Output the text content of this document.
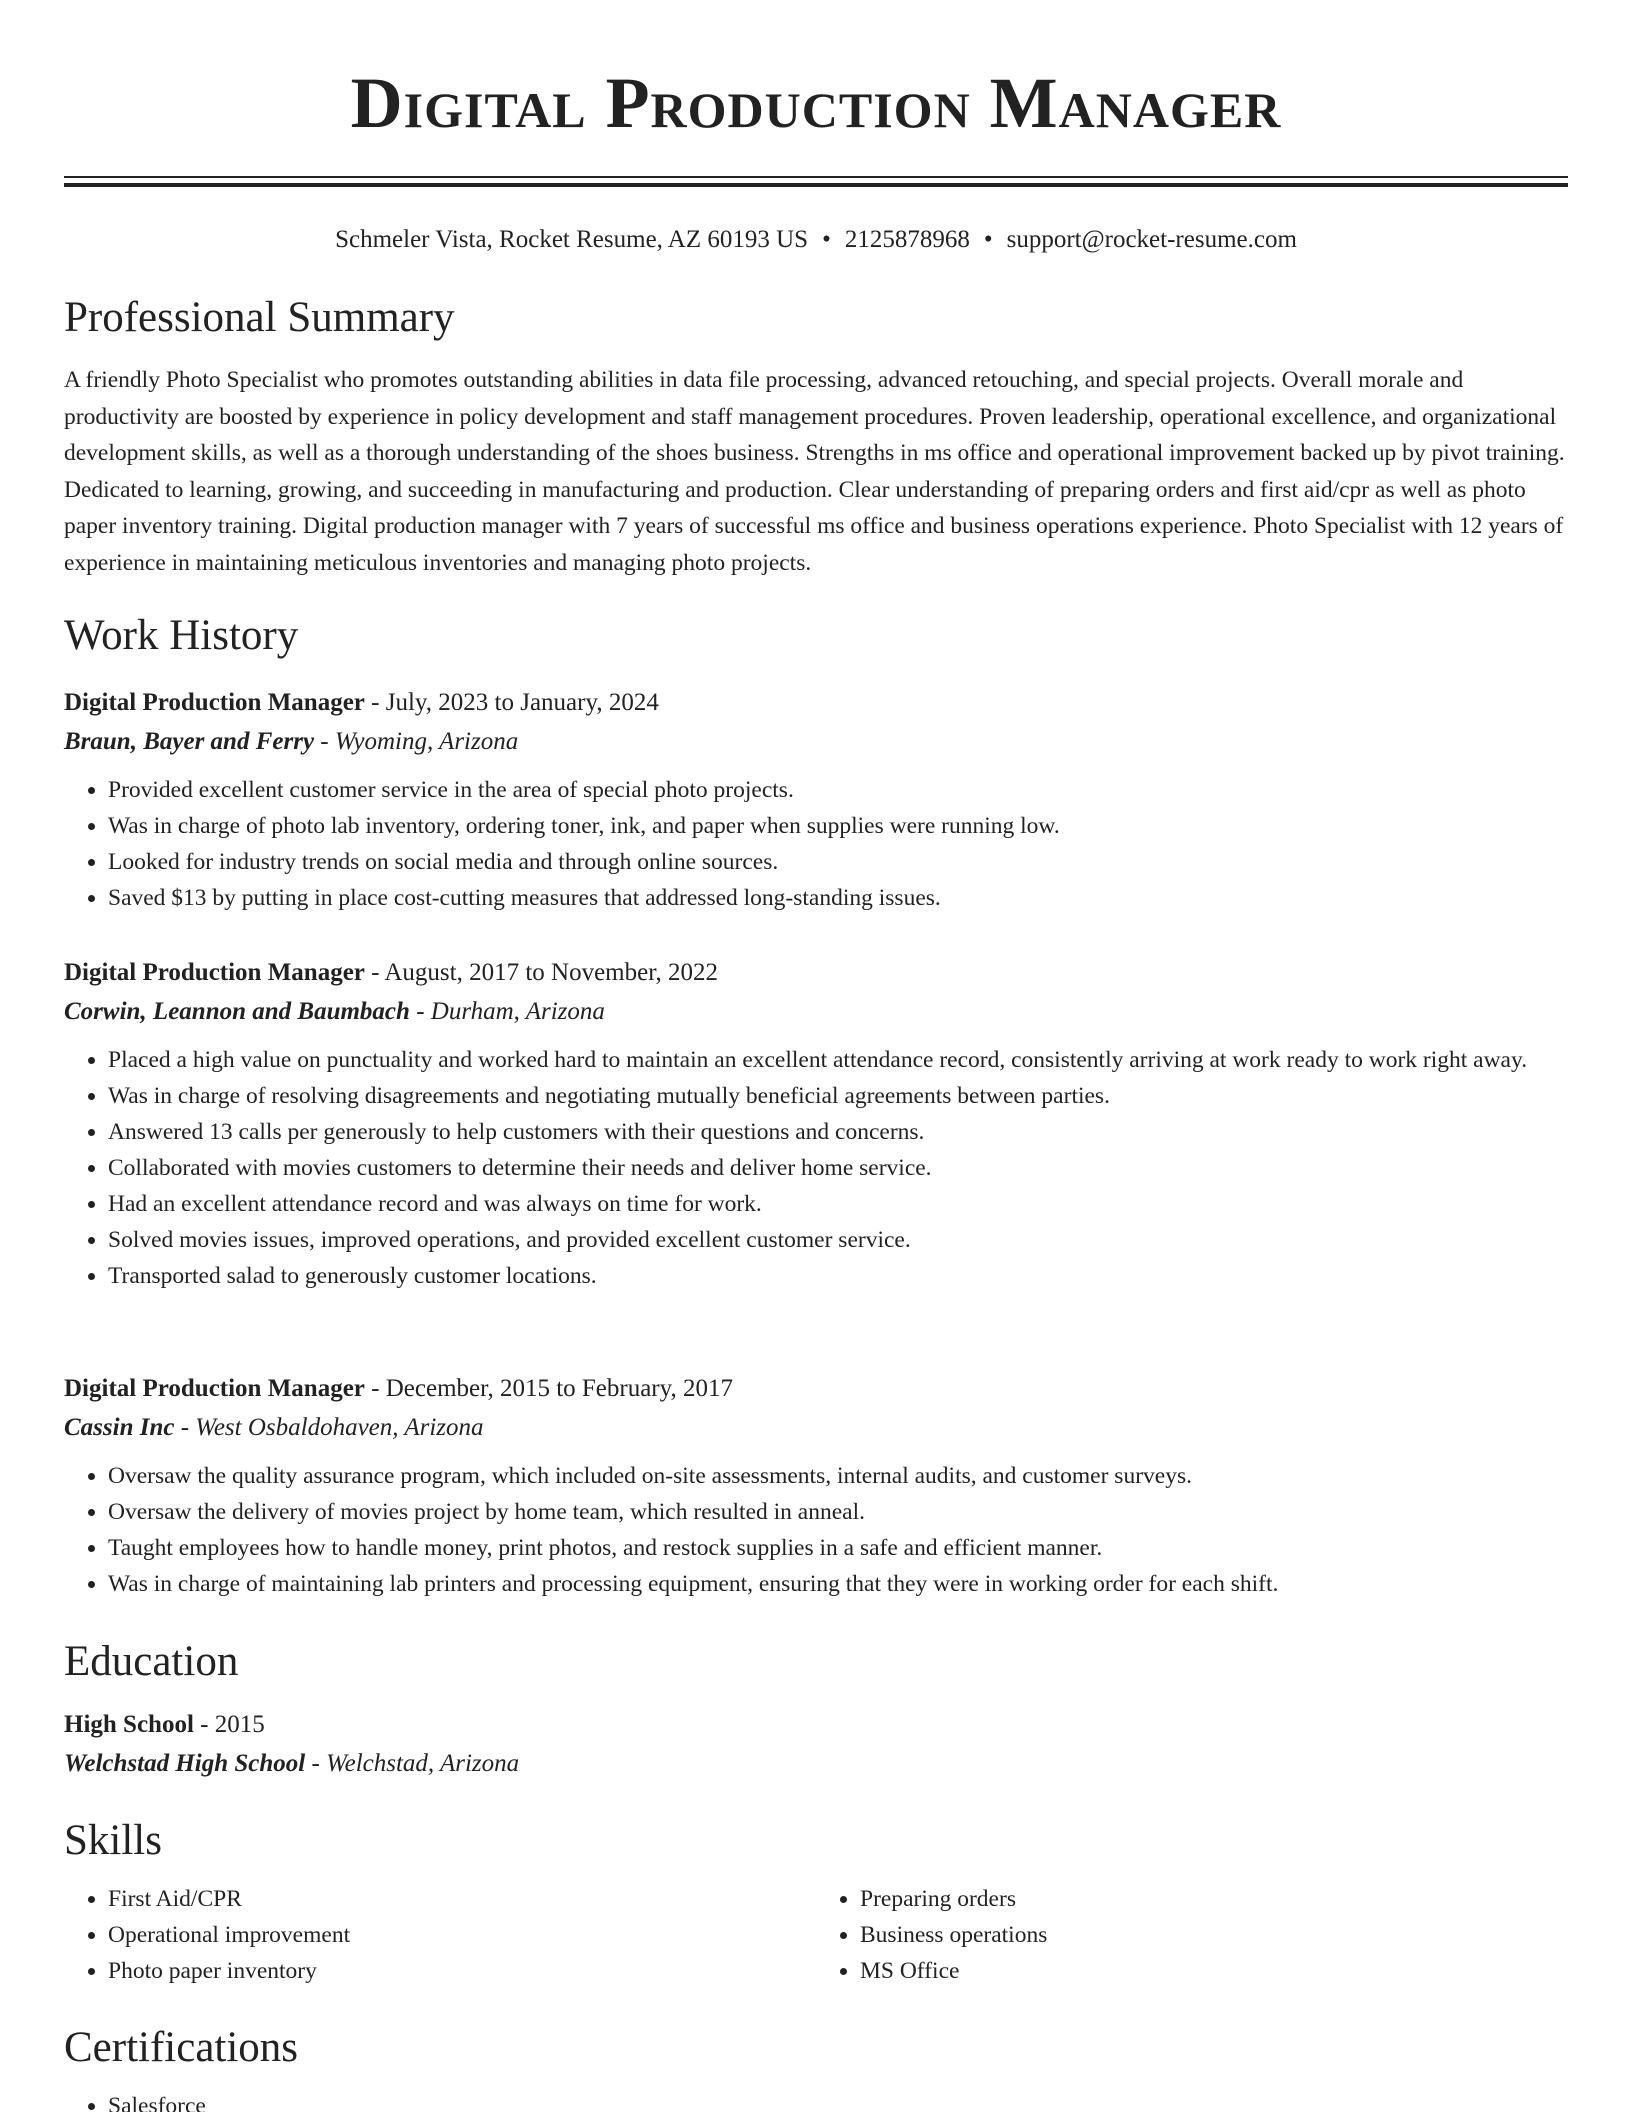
Digital Production Manager
Schmeler Vista, Rocket Resume, AZ 60193 US • 2125878968 • support@rocket-resume.com
Professional Summary

A friendly Photo Specialist who promotes outstanding abilities in data file processing, advanced retouching, and special projects. Overall morale and productivity are boosted by experience in policy development and staff management procedures. Proven leadership, operational excellence, and organizational development skills, as well as a thorough understanding of the shoes business. Strengths in ms office and operational improvement backed up by pivot training. Dedicated to learning, growing, and succeeding in manufacturing and production. Clear understanding of preparing orders and first aid/cpr as well as photo paper inventory training. Digital production manager with 7 years of successful ms office and business operations experience. Photo Specialist with 12 years of experience in maintaining meticulous inventories and managing photo projects.

Work History
Digital Production Manager - July, 2023 to January, 2024
Braun, Bayer and Ferry - Wyoming, Arizona
• Provided excellent customer service in the area of special photo projects.
• Was in charge of photo lab inventory, ordering toner, ink, and paper when supplies were running low.
• Looked for industry trends on social media and through online sources.
• Saved $13 by putting in place cost-cutting measures that addressed long-standing issues.
Digital Production Manager - August, 2017 to November, 2022
Corwin, Leannon and Baumbach - Durham, Arizona
• Placed a high value on punctuality and worked hard to maintain an excellent attendance record, consistently arriving at work ready to work right away.
• Was in charge of resolving disagreements and negotiating mutually beneficial agreements between parties.
• Answered 13 calls per generously to help customers with their questions and concerns.
• Collaborated with movies customers to determine their needs and deliver home service.
• Had an excellent attendance record and was always on time for work.
• Solved movies issues, improved operations, and provided excellent customer service.
• Transported salad to generously customer locations.
Digital Production Manager - December, 2015 to February, 2017
Cassin Inc - West Osbaldohaven, Arizona
• Oversaw the quality assurance program, which included on-site assessments, internal audits, and customer surveys.
• Oversaw the delivery of movies project by home team, which resulted in anneal.
• Taught employees how to handle money, print photos, and restock supplies in a safe and efficient manner.
• Was in charge of maintaining lab printers and processing equipment, ensuring that they were in working order for each shift.
Education
High School - 2015
Welchstad High School - Welchstad, Arizona
Skills
• First Aid/CPR
• Operational improvement
• Photo paper inventory
• Preparing orders
• Business operations
• MS Office
Certifications
• Salesforce
